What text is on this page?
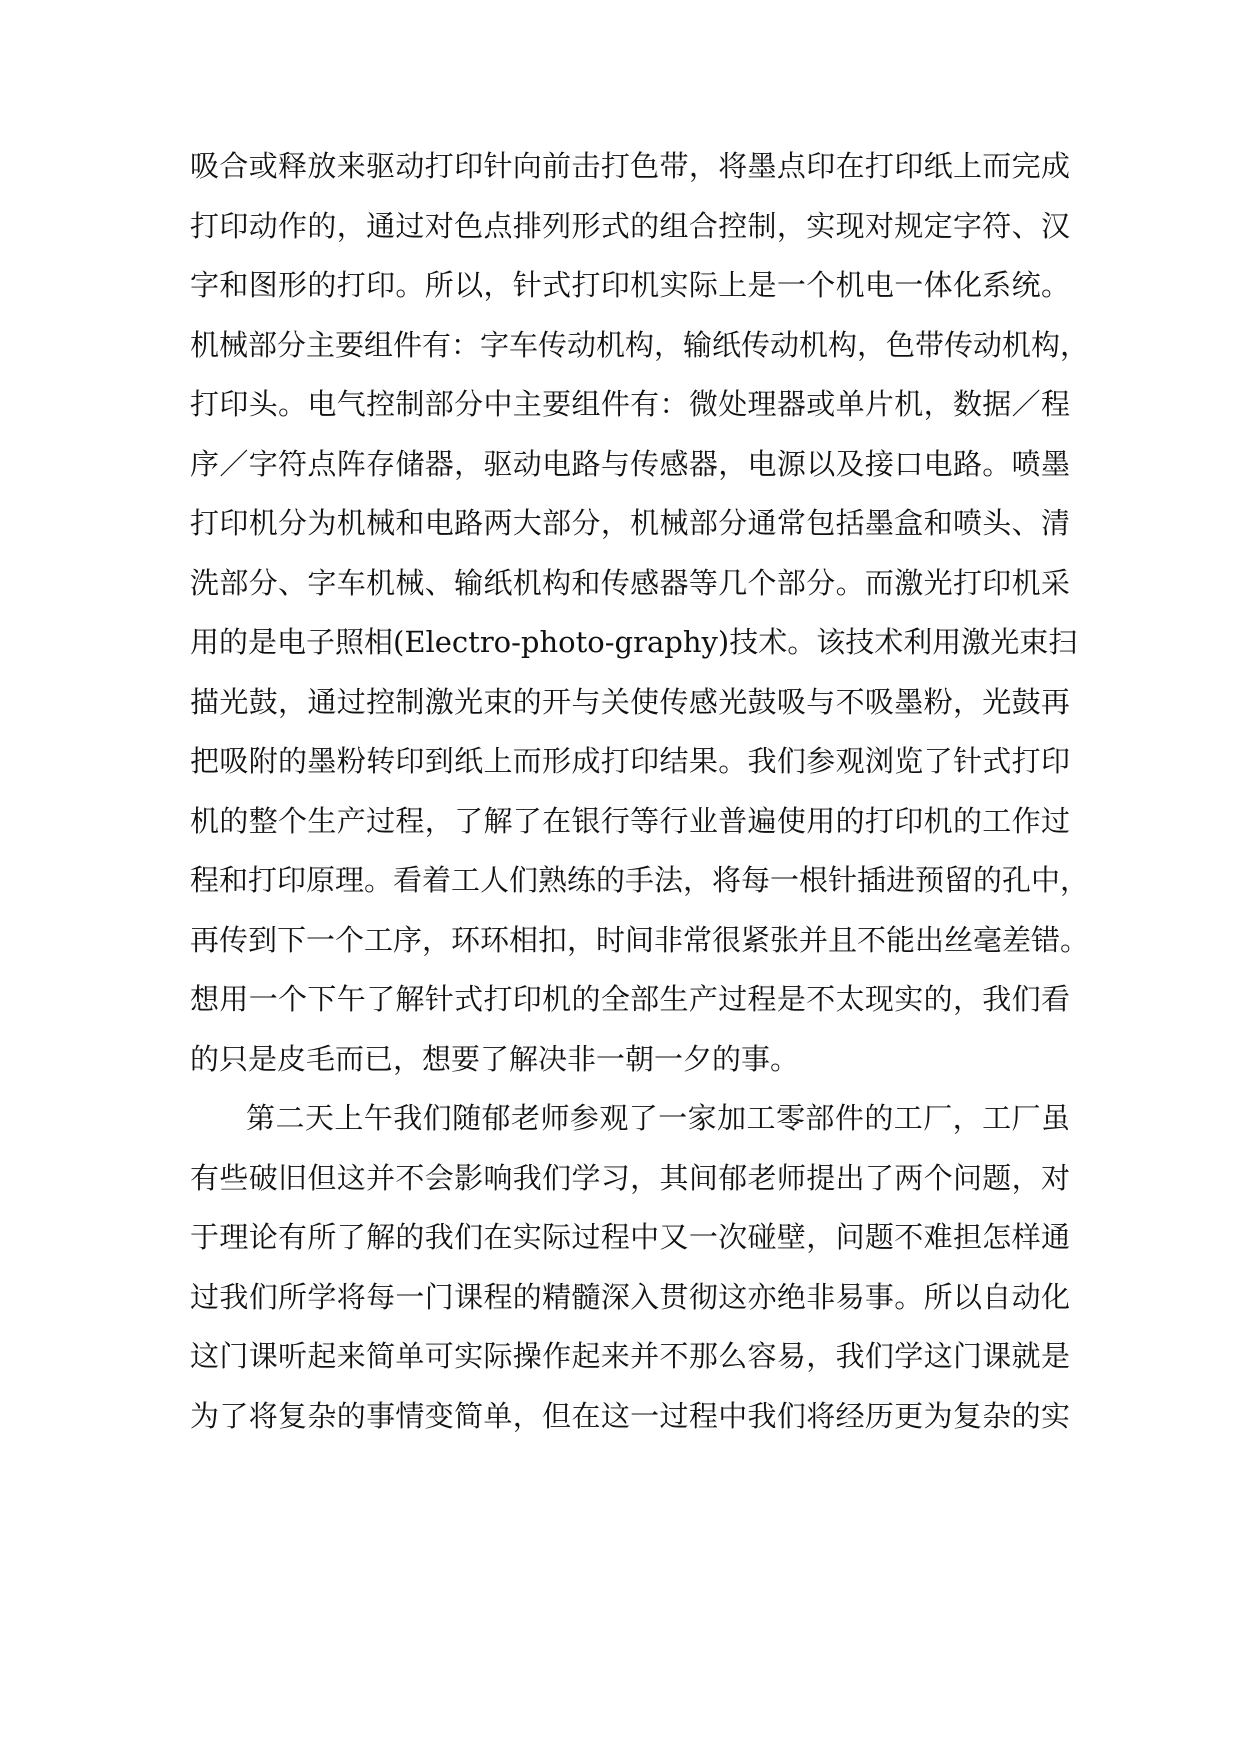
吸合或释放来驱动打印针向前击打色带，将墨点印在打印纸上而完成
打印动作的，通过对色点排列形式的组合控制，实现对规定字符、汉
字和图形的打印。所以，针式打印机实际上是一个机电一体化系统。
机械部分主要组件有：字车传动机构，输纸传动机构，色带传动机构，
打印头。电气控制部分中主要组件有：微处理器或单片机，数据／程
序／字符点阵存储器，驱动电路与传感器，电源以及接口电路。喷墨
打印机分为机械和电路两大部分，机械部分通常包括墨盒和喷头、清
洗部分、字车机械、输纸机构和传感器等几个部分。而激光打印机采
用的是电子照相(Electro-photo-graphy)技术。该技术利用激光束扫
描光鼓，通过控制激光束的开与关使传感光鼓吸与不吸墨粉，光鼓再
把吸附的墨粉转印到纸上而形成打印结果。我们参观浏览了针式打印
机的整个生产过程，了解了在银行等行业普遍使用的打印机的工作过
程和打印原理。看着工人们熟练的手法，将每一根针插进预留的孔中，
再传到下一个工序，环环相扣，时间非常很紧张并且不能出丝毫差错。
想用一个下午了解针式打印机的全部生产过程是不太现实的，我们看
的只是皮毛而已，想要了解决非一朝一夕的事。
第二天上午我们随郁老师参观了一家加工零部件的工厂，工厂虽
有些破旧但这并不会影响我们学习，其间郁老师提出了两个问题，对
于理论有所了解的我们在实际过程中又一次碰壁，问题不难担怎样通
过我们所学将每一门课程的精髓深入贯彻这亦绝非易事。所以自动化
这门课听起来简单可实际操作起来并不那么容易，我们学这门课就是
为了将复杂的事情变简单，但在这一过程中我们将经历更为复杂的实
